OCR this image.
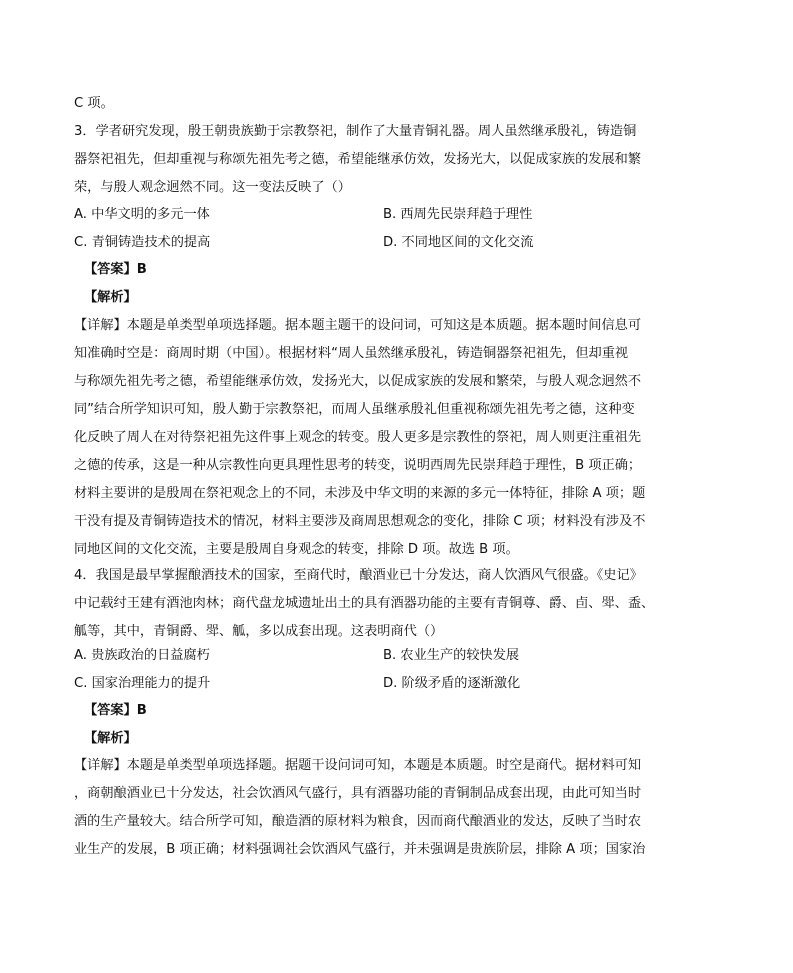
C 项。
3．学者研究发现，殷王朝贵族勤于宗教祭祀，制作了大量青铜礼器。周人虽然继承殷礼，铸造铜
器祭祀祖先，但却重视与称颂先祖先考之德，希望能继承仿效，发扬光大，以促成家族的发展和繁
荣，与殷人观念迥然不同。这一变法反映了（）
A. 中华文明的多元一体	B. 西周先民崇拜趋于理性
C. 青铜铸造技术的提高	D. 不同地区间的文化交流
【答案】B
【解析】
【详解】本题是单类型单项选择题。据本题主题干的设问词，可知这是本质题。据本题时间信息可
知准确时空是：商周时期（中国）。根据材料“周人虽然继承殷礼，铸造铜器祭祀祖先，但却重视
与称颂先祖先考之德，希望能继承仿效，发扬光大，以促成家族的发展和繁荣，与殷人观念迥然不
同”结合所学知识可知，殷人勤于宗教祭祀，而周人虽继承殷礼但重视称颂先祖先考之德，这种变
化反映了周人在对待祭祀祖先这件事上观念的转变。殷人更多是宗教性的祭祀，周人则更注重祖先
之德的传承，这是一种从宗教性向更具理性思考的转变，说明西周先民崇拜趋于理性，B 项正确；
材料主要讲的是殷周在祭祀观念上的不同，未涉及中华文明的来源的多元一体特征，排除 A 项；题
干没有提及青铜铸造技术的情况，材料主要涉及商周思想观念的变化，排除 C 项；材料没有涉及不
同地区间的文化交流，主要是殷周自身观念的转变，排除 D 项。故选 B 项。
4．我国是最早掌握酿酒技术的国家，至商代时，酿酒业已十分发达，商人饮酒风气很盛。《史记》
中记载纣王建有酒池肉林；商代盘龙城遗址出土的具有酒器功能的主要有青铜尊、爵、卣、斝、盉、
觚等，其中，青铜爵、斝、觚，多以成套出现。这表明商代（）
A. 贵族政治的日益腐朽	B. 农业生产的较快发展
C. 国家治理能力的提升	D. 阶级矛盾的逐渐激化
【答案】B
【解析】
【详解】本题是单类型单项选择题。据题干设问词可知，本题是本质题。时空是商代。据材料可知
，商朝酿酒业已十分发达，社会饮酒风气盛行，具有酒器功能的青铜制品成套出现，由此可知当时
酒的生产量较大。结合所学可知，酿造酒的原材料为粮食，因而商代酿酒业的发达，反映了当时农
业生产的发展，B 项正确；材料强调社会饮酒风气盛行，并未强调是贵族阶层，排除 A 项；国家治
